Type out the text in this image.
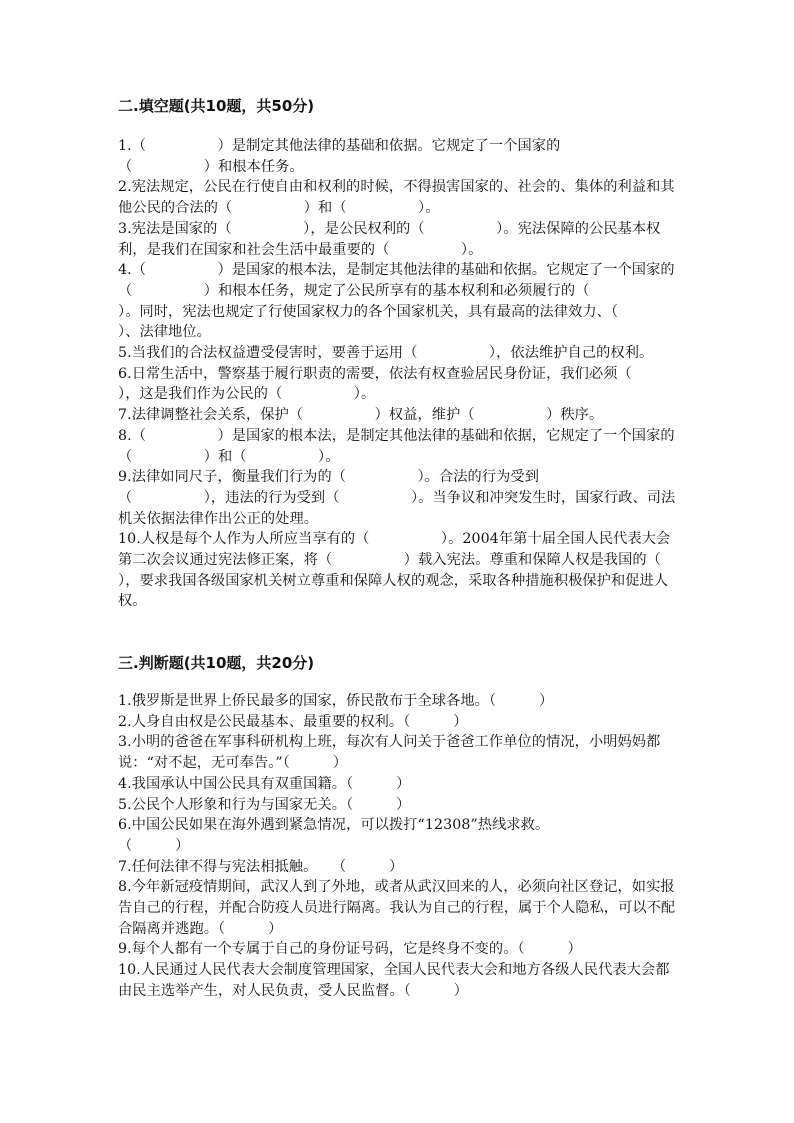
二.填空题(共10题，共50分)
1.（　　　　　）是制定其他法律的基础和依据。它规定了一个国家的
（　　　　　）和根本任务。
2.宪法规定，公民在行使自由和权利的时候，不得损害国家的、社会的、集体的利益和其他公民的合法的（　　　　　）和（　　　　　）。
3.宪法是国家的（　　　　　），是公民权利的（　　　　　）。宪法保障的公民基本权利，是我们在国家和社会生活中最重要的（　　　　　）。
4.（　　　　　）是国家的根本法，是制定其他法律的基础和依据。它规定了一个国家的（　　　　　）和根本任务，规定了公民所享有的基本权利和必须履行的（　　　　　）。同时，宪法也规定了行使国家权力的各个国家机关，具有最高的法律效力、（　　　　　）、法律地位。
5.当我们的合法权益遭受侵害时，要善于运用（　　　　　），依法维护自己的权利。
6.日常生活中，警察基于履行职责的需要，依法有权查验居民身份证，我们必须（　　　　　），这是我们作为公民的（　　　　　）。
7.法律调整社会关系，保护（　　　　　）权益，维护（　　　　　）秩序。
8.（　　　　　）是国家的根本法，是制定其他法律的基础和依据，它规定了一个国家的（　　　　　）和（　　　　　）。
9.法律如同尺子，衡量我们行为的（　　　　　）。合法的行为受到
（　　　　　），违法的行为受到（　　　　　）。当争议和冲突发生时，国家行政、司法机关依据法律作出公正的处理。
10.人权是每个人作为人所应当享有的（　　　　　）。2004年第十届全国人民代表大会第二次会议通过宪法修正案，将（　　　　　）载入宪法。尊重和保障人权是我国的（　　　　　），要求我国各级国家机关树立尊重和保障人权的观念，采取各种措施积极保护和促进人权。
三.判断题(共10题，共20分)
1.俄罗斯是世界上侨民最多的国家，侨民散布于全球各地。（　　　）
2.人身自由权是公民最基本、最重要的权利。（　　　）
3.小明的爸爸在军事科研机构上班，每次有人问关于爸爸工作单位的情况，小明妈妈都说：“对不起，无可奉告。”（　　　）
4.我国承认中国公民具有双重国籍。（　　　）
5.公民个人形象和行为与国家无关。（　　　）
6.中国公民如果在海外遇到紧急情况，可以拨打“12308”热线求救。
（　　　）
7.任何法律不得与宪法相抵触。　　（　　　）
8.今年新冠疫情期间，武汉人到了外地，或者从武汉回来的人，必须向社区登记，如实报告自己的行程，并配合防疫人员进行隔离。我认为自己的行程，属于个人隐私，可以不配合隔离并逃跑。（　　　）
9.每个人都有一个专属于自己的身份证号码，它是终身不变的。（　　　）
10.人民通过人民代表大会制度管理国家，全国人民代表大会和地方各级人民代表大会都由民主选举产生，对人民负责，受人民监督。（　　　）
